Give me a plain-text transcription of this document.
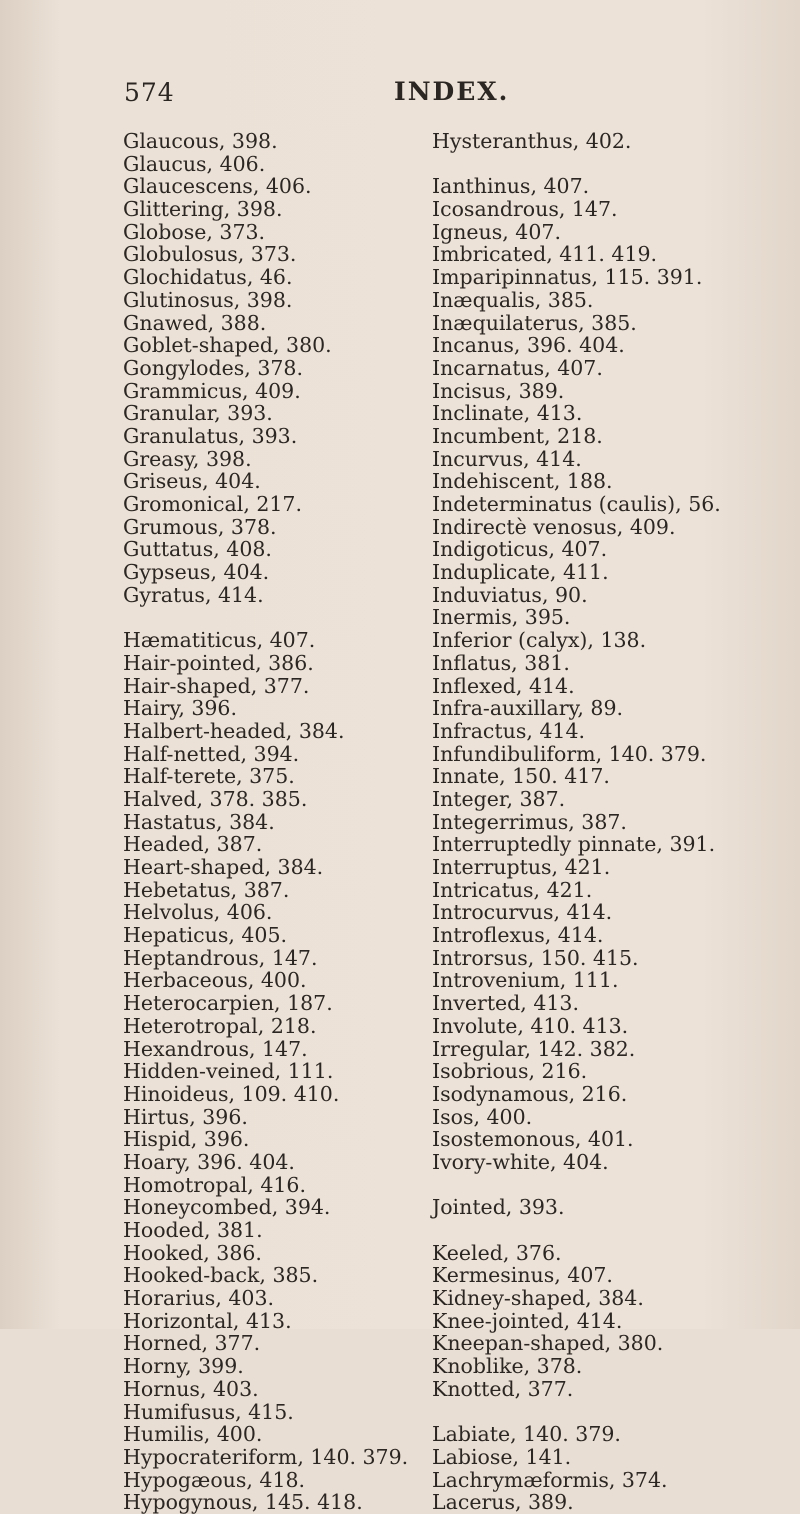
574	INDEX.
Glaucous, 398.
Glaucus, 406.
Glaucescens, 406.
Glittering, 398.
Globose, 373.
Globulosus, 373.
Glochidatus, 46.
Glutinosus, 398.
Gnawed, 388.
Goblet-shaped, 380.
Gongylodes, 378.
Grammicus, 409.
Granular, 393.
Granulatus, 393.
Greasy, 398.
Griseus, 404.
Gromonical, 217.
Grumous, 378.
Guttatus, 408.
Gypseus, 404.
Gyratus, 414.
Hæmatiticus, 407.
Hair-pointed, 386.
Hair-shaped, 377.
Hairy, 396.
Halbert-headed, 384.
Half-netted, 394.
Half-terete, 375.
Halved, 378. 385.
Hastatus, 384.
Headed, 387.
Heart-shaped, 384.
Hebetatus, 387.
Helvolus, 406.
Hepaticus, 405.
Heptandrous, 147.
Herbaceous, 400.
Heterocarpien, 187.
Heterotropal, 218.
Hexandrous, 147.
Hidden-veined, 111.
Hinoideus, 109. 410.
Hirtus, 396.
Hispid, 396.
Hoary, 396. 404.
Homotropal, 416.
Honeycombed, 394.
Hooded, 381.
Hooked, 386.
Hooked-back, 385.
Horarius, 403.
Horizontal, 413.
Horned, 377.
Horny, 399.
Hornus, 403.
Humifusus, 415.
Humilis, 400.
Hypocrateriform, 140. 379.
Hypogæous, 418.
Hypogynous, 145. 418.
Hysteranthus, 402.
Ianthinus, 407.
Icosandrous, 147.
Igneus, 407.
Imbricated, 411. 419.
Imparipinnatus, 115. 391.
Inæqualis, 385.
Inæquilaterus, 385.
Incanus, 396. 404.
Incarnatus, 407.
Incisus, 389.
Inclinate, 413.
Incumbent, 218.
Incurvus, 414.
Indehiscent, 188.
Indeterminatus (caulis), 56.
Indirectè venosus, 409.
Indigoticus, 407.
Induplicate, 411.
Induviatus, 90.
Inermis, 395.
Inferior (calyx), 138.
Inflatus, 381.
Inflexed, 414.
Infra-auxillary, 89.
Infractus, 414.
Infundibuliform, 140. 379.
Innate, 150. 417.
Integer, 387.
Integerrimus, 387.
Interruptedly pinnate, 391.
Interruptus, 421.
Intricatus, 421.
Introcurvus, 414.
Introflexus, 414.
Introrsus, 150. 415.
Introvenium, 111.
Inverted, 413.
Involute, 410. 413.
Irregular, 142. 382.
Isobrious, 216.
Isodynamous, 216.
Isos, 400.
Isostemonous, 401.
Ivory-white, 404.
Jointed, 393.
Keeled, 376.
Kermesinus, 407.
Kidney-shaped, 384.
Knee-jointed, 414.
Kneepan-shaped, 380.
Knoblike, 378.
Knotted, 377.
Labiate, 140. 379.
Labiose, 141.
Lachrymæformis, 374.
Lacerus, 389.
